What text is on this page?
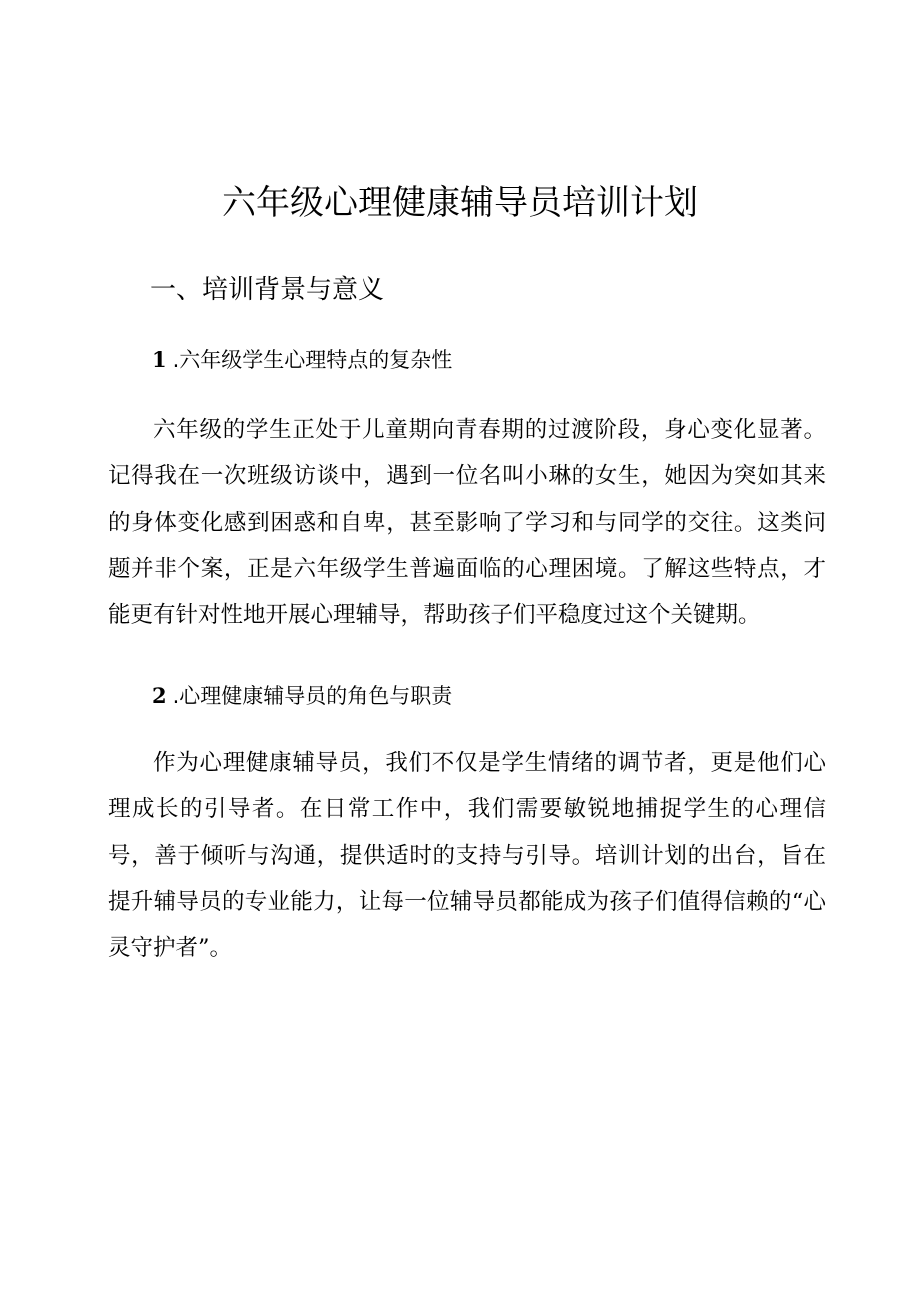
六年级心理健康辅导员培训计划
一、培训背景与意义
1 .六年级学生心理特点的复杂性

六年级的学生正处于儿童期向青春期的过渡阶段，身心变化显著。记得我在一次班级访谈中，遇到一位名叫小琳的女生，她因为突如其来的身体变化感到困惑和自卑，甚至影响了学习和与同学的交往。这类问题并非个案，正是六年级学生普遍面临的心理困境。了解这些特点，才能更有针对性地开展心理辅导，帮助孩子们平稳度过这个关键期。

2 .心理健康辅导员的角色与职责

作为心理健康辅导员，我们不仅是学生情绪的调节者，更是他们心理成长的引导者。在日常工作中，我们需要敏锐地捕捉学生的心理信号，善于倾听与沟通，提供适时的支持与引导。培训计划的出台，旨在提升辅导员的专业能力，让每一位辅导员都能成为孩子们值得信赖的“心灵守护者”。
